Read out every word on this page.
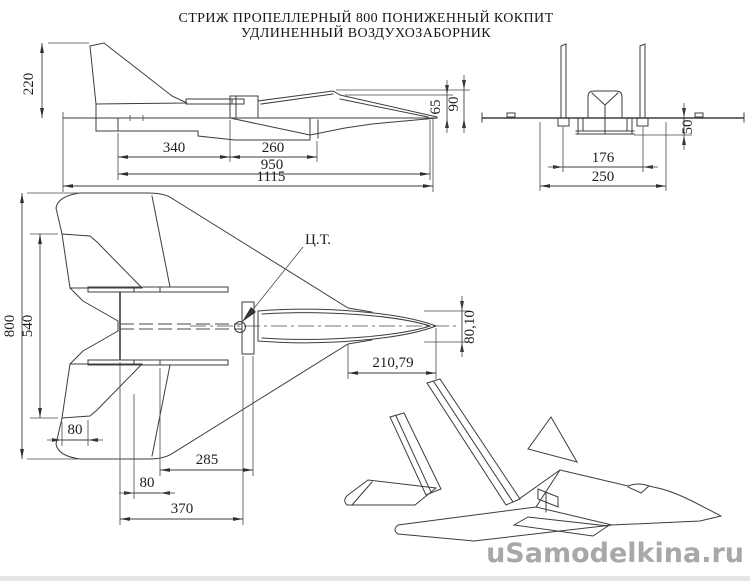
СТРИЖ ПРОПЕЛЛЕРНЫЙ 800 ПОНИЖЕННЫЙ КОКПИТ
УДЛИНЕННЫЙ ВОЗДУХОЗАБОРНИК
220
340	260
950
1115
65 90
176
250
50
Ц.Т.
800 540
80
285
80
370
210,79
80,10
uSamodelkina.ru
